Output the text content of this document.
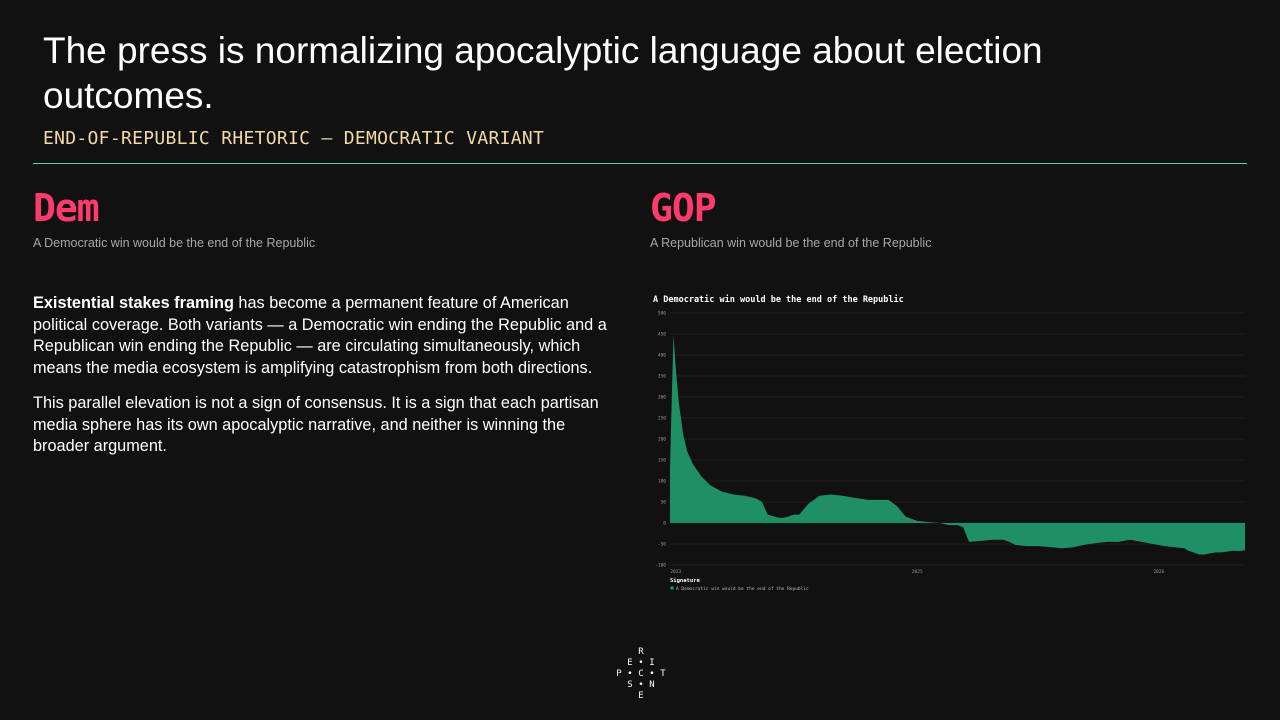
The press is normalizing apocalyptic language about election outcomes.
END-OF-REPUBLIC RHETORIC — DEMOCRATIC VARIANT
Dem
A Democratic win would be the end of the Republic
GOP
A Republican win would be the end of the Republic

Existential stakes framing has become a permanent feature of American political coverage. Both variants — a Democratic win ending the Republic and a Republican win ending the Republic — are circulating simultaneously, which means the media ecosystem is amplifying catastrophism from both directions.

This parallel elevation is not a sign of consensus. It is a sign that each partisan media sphere has its own apocalyptic narrative, and neither is winning the broader argument.

A Democratic win would be the end of the Republic
-100
-50
0
50
100
150
200
250
300
350
400
450
500
2023	2025	2026
Signature
A Democratic win would be the end of the Republic
R
E • I
P • C • T
S • N
E
